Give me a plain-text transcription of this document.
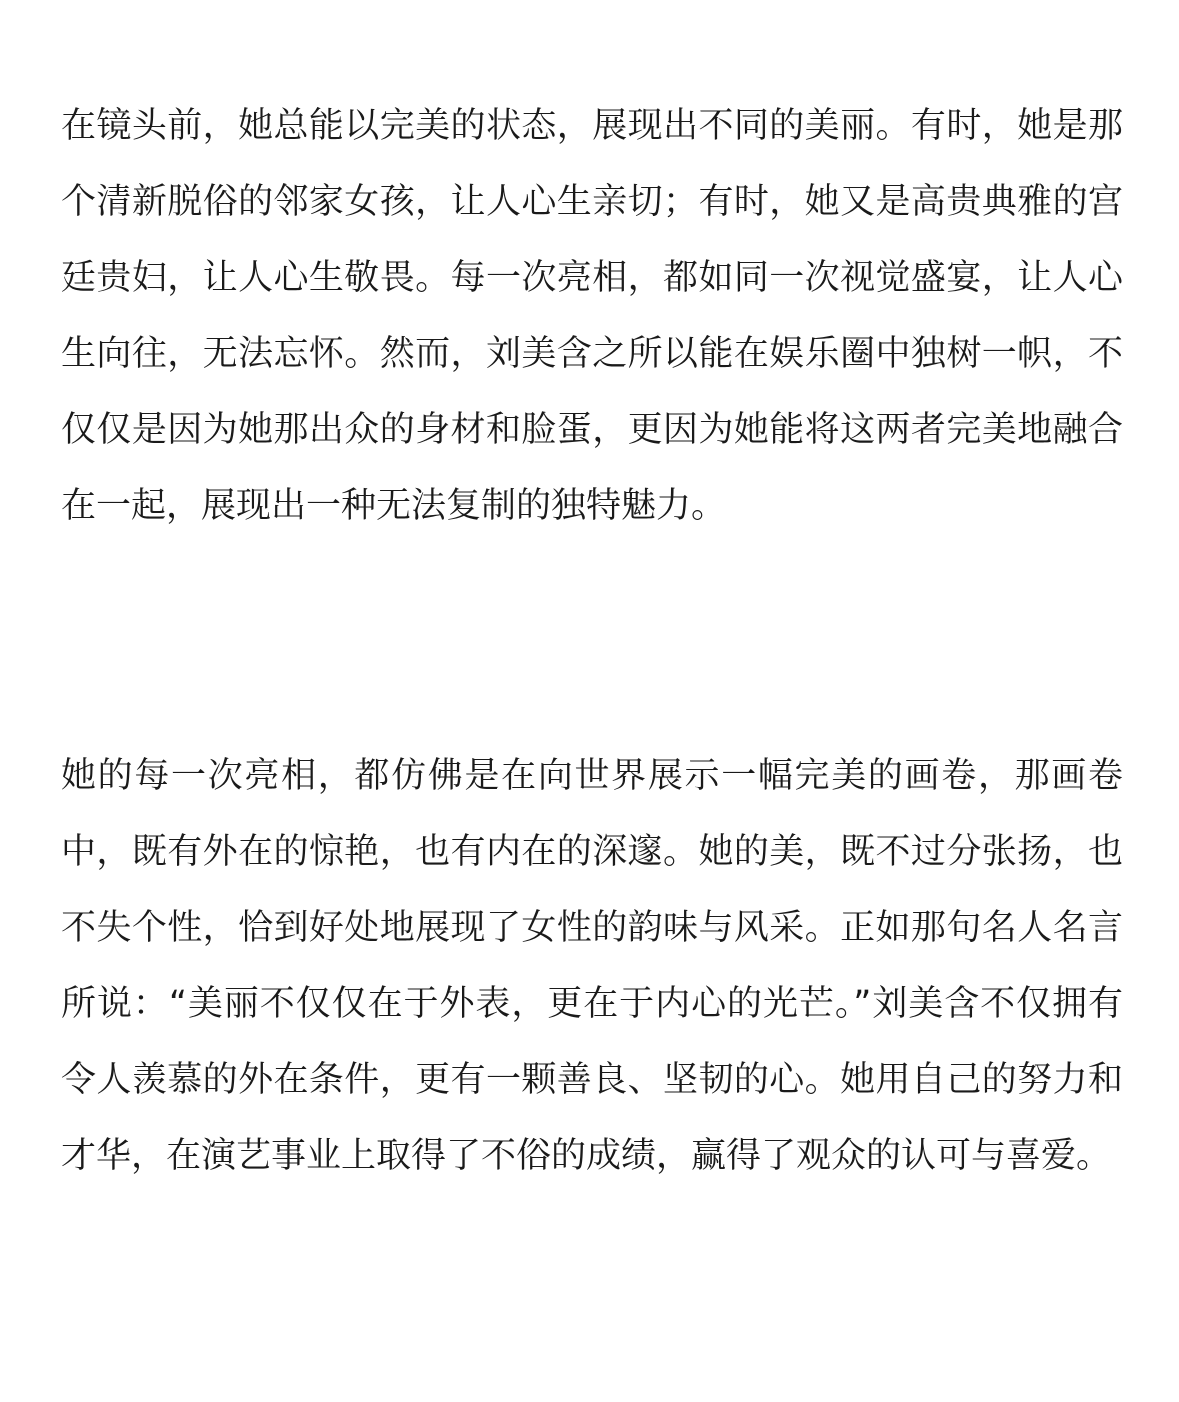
在镜头前，她总能以完美的状态，展现出不同的美丽。有时，她是那个清新脱俗的邻家女孩，让人心生亲切；有时，她又是高贵典雅的宫廷贵妇，让人心生敬畏。每一次亮相，都如同一次视觉盛宴，让人心生向往，无法忘怀。然而，刘美含之所以能在娱乐圈中独树一帜，不仅仅是因为她那出众的身材和脸蛋，更因为她能将这两者完美地融合在一起，展现出一种无法复制的独特魅力。

她的每一次亮相，都仿佛是在向世界展示一幅完美的画卷，那画卷中，既有外在的惊艳，也有内在的深邃。她的美，既不过分张扬，也不失个性，恰到好处地展现了女性的韵味与风采。正如那句名人名言所说：“美丽不仅仅在于外表，更在于内心的光芒。”刘美含不仅拥有令人羡慕的外在条件，更有一颗善良、坚韧的心。她用自己的努力和才华，在演艺事业上取得了不俗的成绩，赢得了观众的认可与喜爱。
